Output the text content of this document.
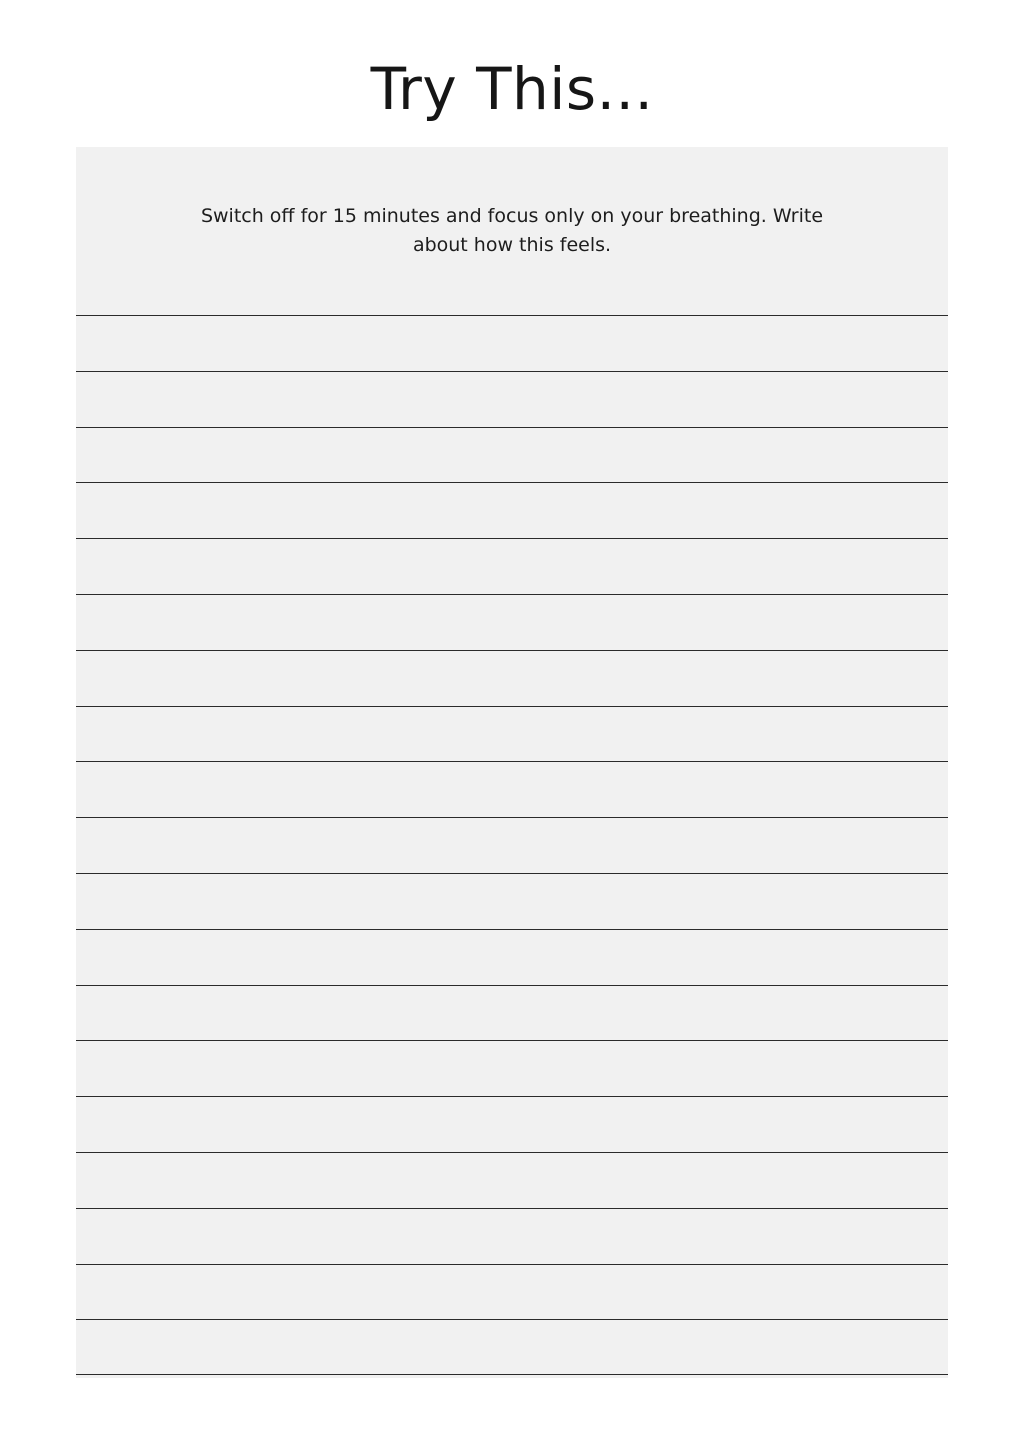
Try This...
Switch off for 15 minutes and focus only on your breathing. Write about how this feels.
